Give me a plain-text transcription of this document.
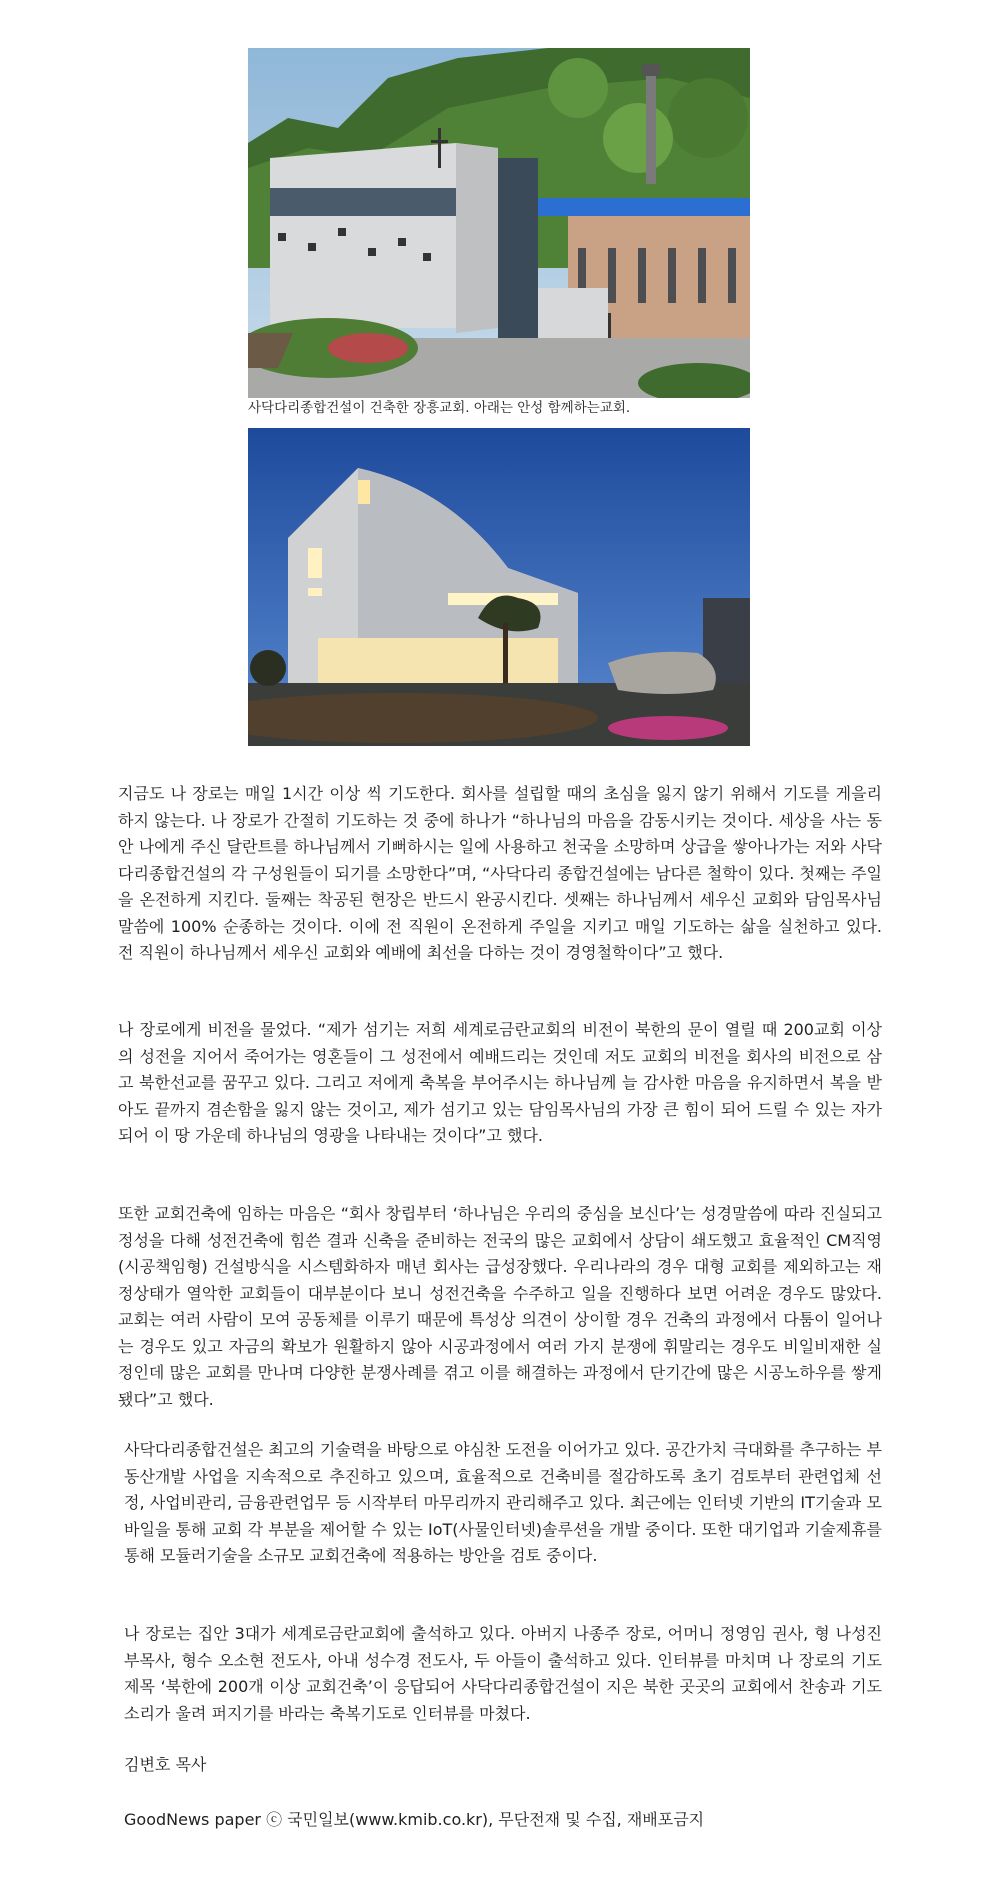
사닥다리종합건설이 건축한 장흥교회. 아래는 안성 함께하는교회.

지금도 나 장로는 매일 1시간 이상 씩 기도한다. 회사를 설립할 때의 초심을 잃지 않기 위해서 기도를 게을리 하지 않는다. 나 장로가 간절히 기도하는 것 중에 하나가 “하나님의 마음을 감동시키는 것이다. 세상을 사는 동안 나에게 주신 달란트를 하나님께서 기뻐하시는 일에 사용하고 천국을 소망하며 상급을 쌓아나가는 저와 사닥다리종합건설의 각 구성원들이 되기를 소망한다”며, “사닥다리 종합건설에는 남다른 철학이 있다. 첫째는 주일을 온전하게 지킨다. 둘째는 착공된 현장은 반드시 완공시킨다. 셋째는 하나님께서 세우신 교회와 담임목사님 말씀에 100% 순종하는 것이다. 이에 전 직원이 온전하게 주일을 지키고 매일 기도하는 삶을 실천하고 있다. 전 직원이 하나님께서 세우신 교회와 예배에 최선을 다하는 것이 경영철학이다”고 했다.

나 장로에게 비전을 물었다. “제가 섬기는 저희 세계로금란교회의 비전이 북한의 문이 열릴 때 200교회 이상의 성전을 지어서 죽어가는 영혼들이 그 성전에서 예배드리는 것인데 저도 교회의 비전을 회사의 비전으로 삼고 북한선교를 꿈꾸고 있다. 그리고 저에게 축복을 부어주시는 하나님께 늘 감사한 마음을 유지하면서 복을 받아도 끝까지 겸손함을 잃지 않는 것이고, 제가 섬기고 있는 담임목사님의 가장 큰 힘이 되어 드릴 수 있는 자가 되어 이 땅 가운데 하나님의 영광을 나타내는 것이다”고 했다.

또한 교회건축에 임하는 마음은 “회사 창립부터 ‘하나님은 우리의 중심을 보신다’는 성경말씀에 따라 진실되고 정성을 다해 성전건축에 힘쓴 결과 신축을 준비하는 전국의 많은 교회에서 상담이 쇄도했고 효율적인 CM직영(시공책임형) 건설방식을 시스템화하자 매년 회사는 급성장했다. 우리나라의 경우 대형 교회를 제외하고는 재정상태가 열악한 교회들이 대부분이다 보니 성전건축을 수주하고 일을 진행하다 보면 어려운 경우도 많았다. 교회는 여러 사람이 모여 공동체를 이루기 때문에 특성상 의견이 상이할 경우 건축의 과정에서 다툼이 일어나는 경우도 있고 자금의 확보가 원활하지 않아 시공과정에서 여러 가지 분쟁에 휘말리는 경우도 비일비재한 실정인데 많은 교회를 만나며 다양한 분쟁사례를 겪고 이를 해결하는 과정에서 단기간에 많은 시공노하우를 쌓게 됐다”고 했다.

사닥다리종합건설은 최고의 기술력을 바탕으로 야심찬 도전을 이어가고 있다. 공간가치 극대화를 추구하는 부동산개발 사업을 지속적으로 추진하고 있으며, 효율적으로 건축비를 절감하도록 초기 검토부터 관련업체 선정, 사업비관리, 금융관련업무 등 시작부터 마무리까지 관리해주고 있다. 최근에는 인터넷 기반의 IT기술과 모바일을 통해 교회 각 부분을 제어할 수 있는 IoT(사물인터넷)솔루션을 개발 중이다. 또한 대기업과 기술제휴를 통해 모듈러기술을 소규모 교회건축에 적용하는 방안을 검토 중이다.

나 장로는 집안 3대가 세계로금란교회에 출석하고 있다. 아버지 나종주 장로, 어머니 정영임 권사, 형 나성진 부목사, 형수 오소현 전도사, 아내 성수경 전도사, 두 아들이 출석하고 있다. 인터뷰를 마치며 나 장로의 기도제목 ‘북한에 200개 이상 교회건축’이 응답되어 사닥다리종합건설이 지은 북한 곳곳의 교회에서 찬송과 기도소리가 울려 퍼지기를 바라는 축복기도로 인터뷰를 마쳤다.

김변호 목사

GoodNews paper ⓒ 국민일보(www.kmib.co.kr), 무단전재 및 수집, 재배포금지
